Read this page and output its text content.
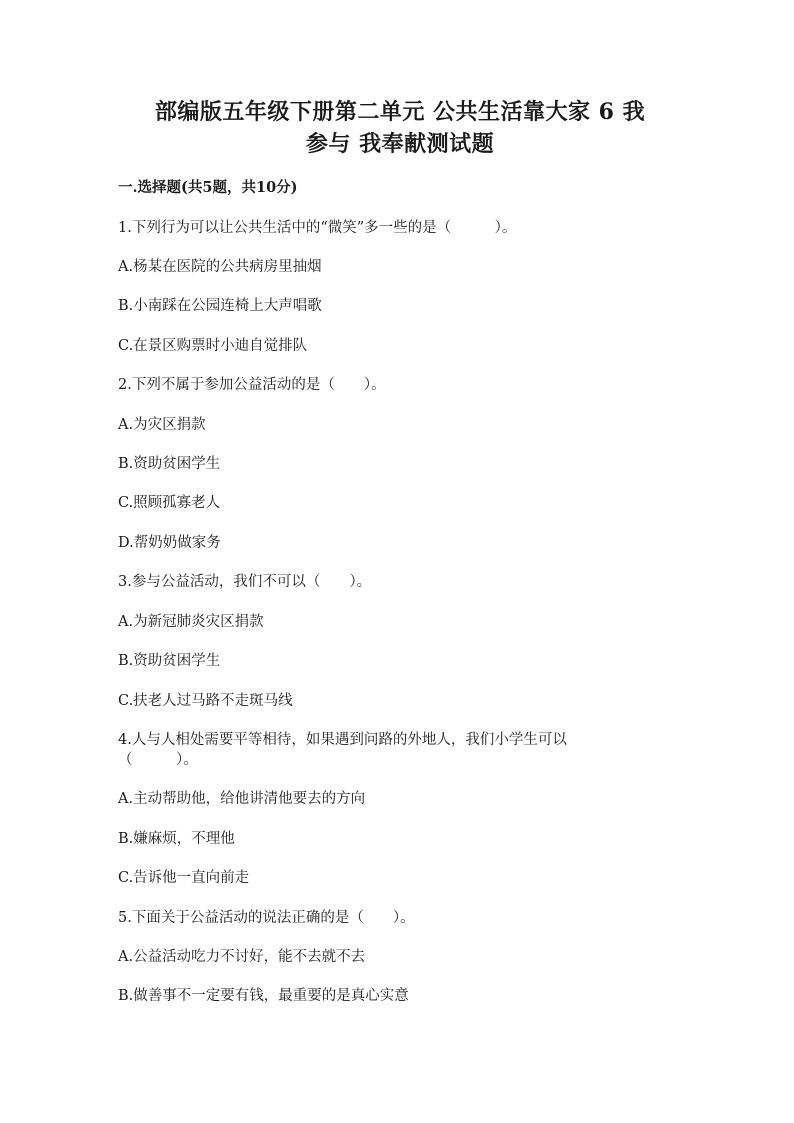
部编版五年级下册第二单元 公共生活靠大家 6 我
参与 我奉献测试题
一.选择题(共5题，共10分)
1.下列行为可以让公共生活中的“微笑”多一些的是（　　　）。
A.杨某在医院的公共病房里抽烟
B.小南踩在公园连椅上大声唱歌
C.在景区购票时小迪自觉排队
2.下列不属于参加公益活动的是（　　）。
A.为灾区捐款
B.资助贫困学生
C.照顾孤寡老人
D.帮奶奶做家务
3.参与公益活动，我们不可以（　　）。
A.为新冠肺炎灾区捐款
B.资助贫困学生
C.扶老人过马路不走斑马线
4.人与人相处需要平等相待，如果遇到问路的外地人，我们小学生可以
（　　　）。
A.主动帮助他，给他讲清他要去的方向
B.嫌麻烦，不理他
C.告诉他一直向前走
5.下面关于公益活动的说法正确的是（　　）。
A.公益活动吃力不讨好，能不去就不去
B.做善事不一定要有钱，最重要的是真心实意
